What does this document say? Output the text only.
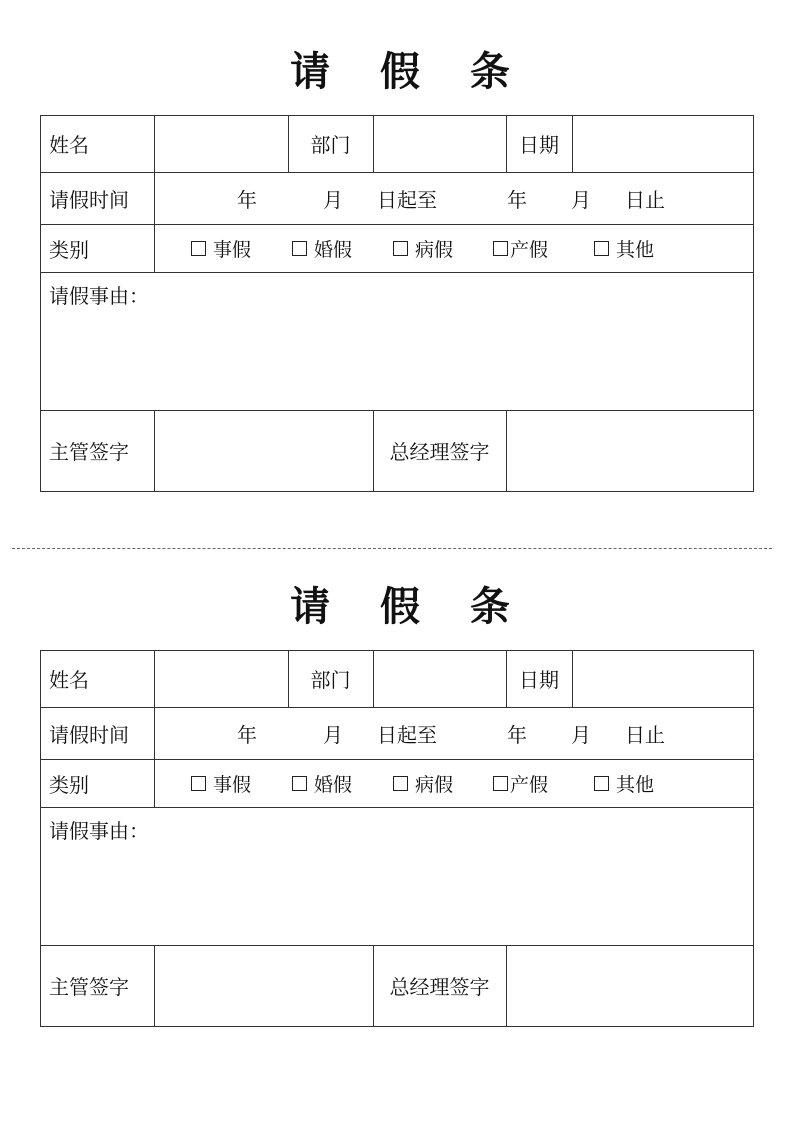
请 假 条
姓名	部门	日期
请假时间	年	月 日起至	年 月 日止
类别	事假	婚假	病假	产假	其他
请假事由：
主管签字	总经理签字
请 假 条
姓名	部门	日期
请假时间	年	月 日起至	年 月 日止
类别	事假	婚假	病假	产假	其他
请假事由：
主管签字	总经理签字
